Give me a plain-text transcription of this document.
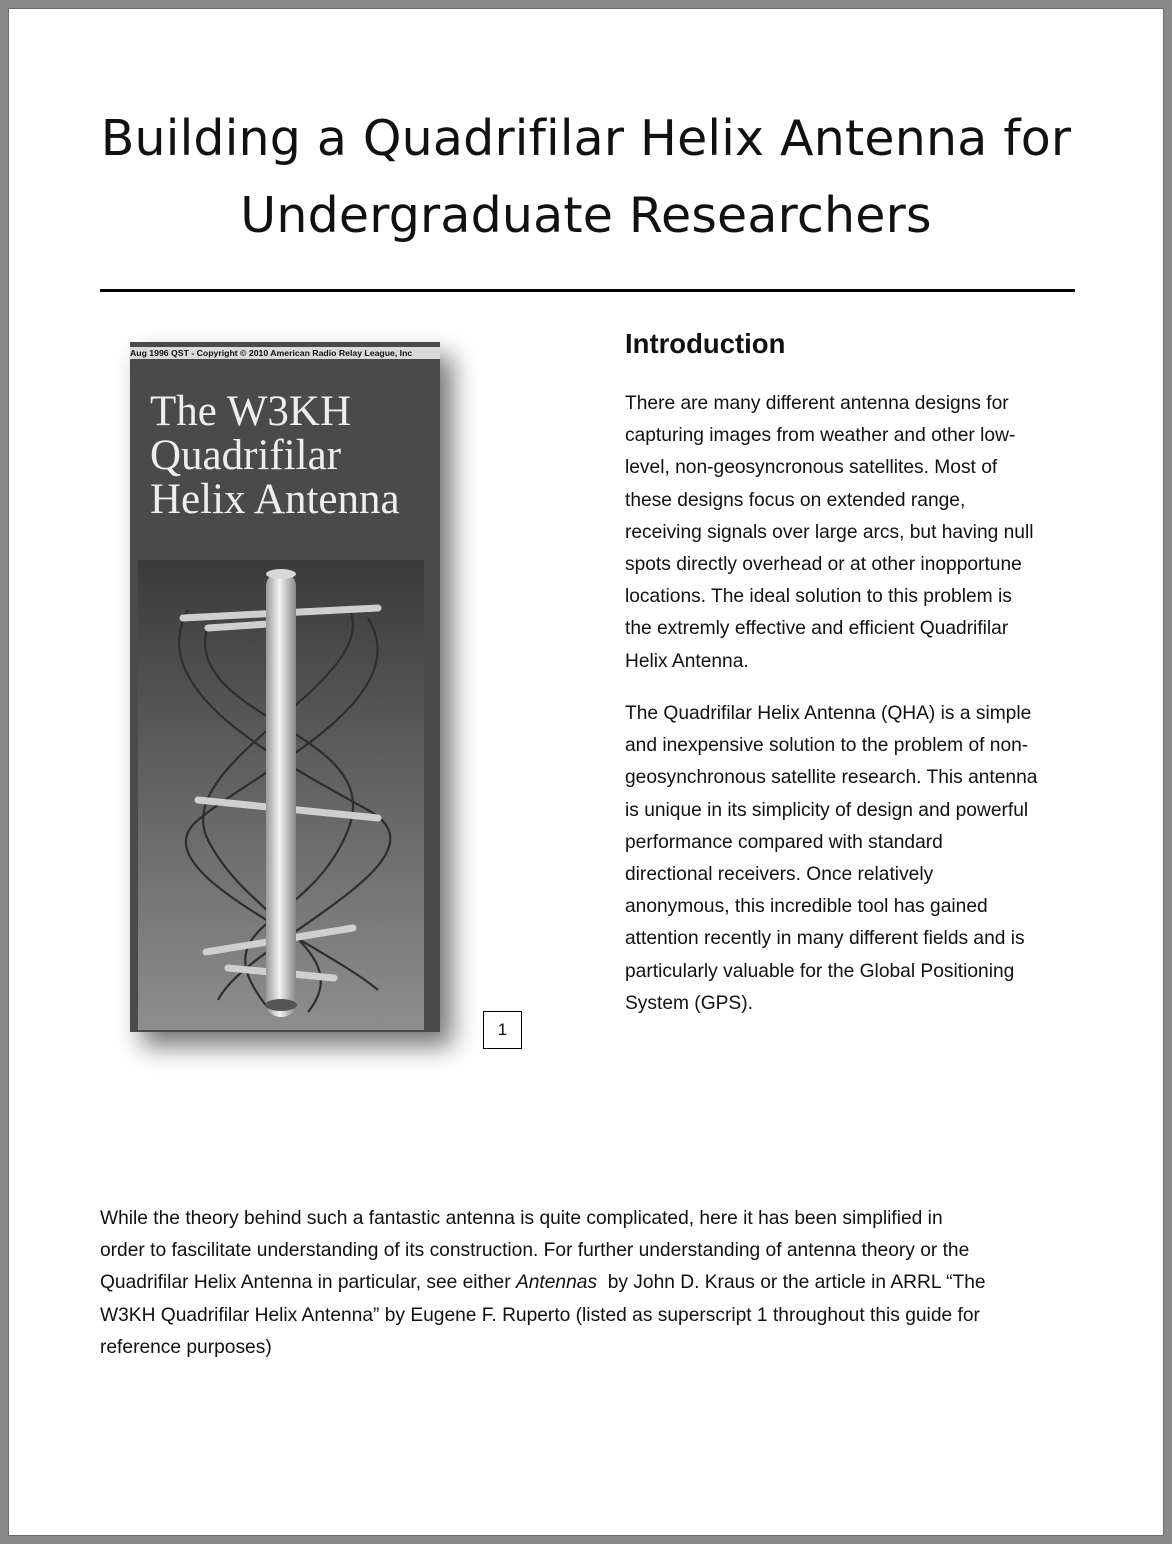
Building a Quadrifilar Helix Antenna for
Undergraduate Researchers
Aug 1996 QST - Copyright © 2010 American Radio Relay League, Inc
The W3KH
Quadrifilar
Helix Antenna
1
Introduction

There are many different antenna designs for
capturing images from weather and other low-
level, non-geosyncronous satellites. Most of
these designs focus on extended range,
receiving signals over large arcs, but having null
spots directly overhead or at other inopportune
locations. The ideal solution to this problem is
the extremly effective and efficient Quadrifilar
Helix Antenna.

The Quadrifilar Helix Antenna (QHA) is a simple
and inexpensive solution to the problem of non-
geosynchronous satellite research. This antenna
is unique in its simplicity of design and powerful
performance compared with standard
directional receivers. Once relatively
anonymous, this incredible tool has gained
attention recently in many different fields and is
particularly valuable for the Global Positioning
System (GPS).

While the theory behind such a fantastic antenna is quite complicated, here it has been simplified in
order to fascilitate understanding of its construction. For further understanding of antenna theory or the
Quadrifilar Helix Antenna in particular, see either Antennas  by John D. Kraus or the article in ARRL “The
W3KH Quadrifilar Helix Antenna” by Eugene F. Ruperto (listed as superscript 1 throughout this guide for
reference purposes)
